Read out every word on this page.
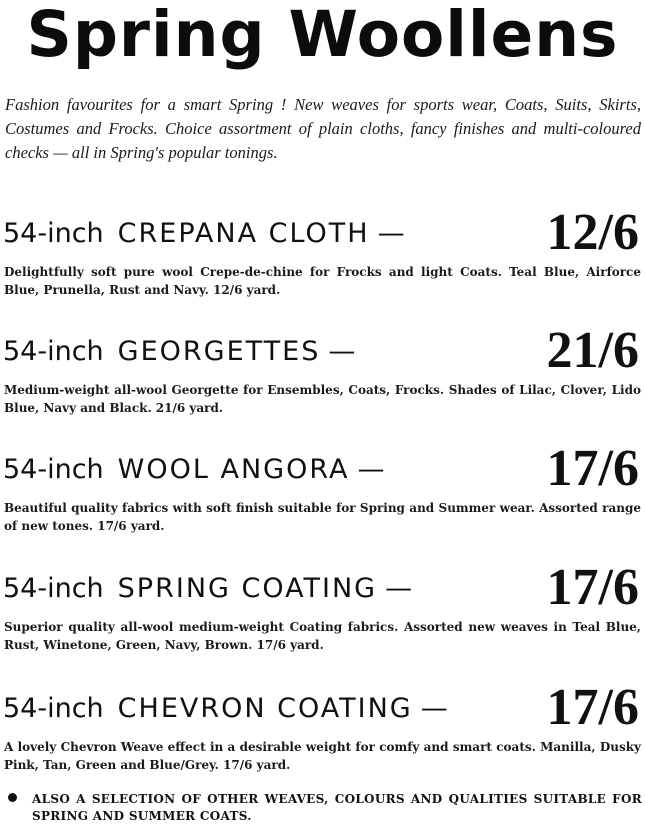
Spring Woollens
Fashion favourites for a smart Spring ! New weaves for sports wear, Coats, Suits, Skirts, Costumes and Frocks. Choice assortment of plain cloths, fancy finishes and multi-coloured checks — all in Spring's popular tonings.
54-inch CREPANA CLOTH —	12/6
Delightfully soft pure wool Crepe-de-chine for Frocks and light Coats. Teal Blue, Airforce Blue, Prunella, Rust and Navy. 12/6 yard.
54-inch GEORGETTES —	21/6
Medium-weight all-wool Georgette for Ensembles, Coats, Frocks. Shades of Lilac, Clover, Lido Blue, Navy and Black. 21/6 yard.
54-inch WOOL ANGORA —	17/6
Beautiful quality fabrics with soft finish suitable for Spring and Summer wear. Assorted range of new tones. 17/6 yard.
54-inch SPRING COATING —	17/6
Superior quality all-wool medium-weight Coating fabrics. Assorted new weaves in Teal Blue, Rust, Winetone, Green, Navy, Brown. 17/6 yard.
54-inch CHEVRON COATING — 17/6
A lovely Chevron Weave effect in a desirable weight for comfy and smart coats. Manilla, Dusky Pink, Tan, Green and Blue/Grey. 17/6 yard.
ALSO A SELECTION OF OTHER WEAVES, COLOURS AND QUALITIES SUITABLE FOR SPRING AND SUMMER COATS.
